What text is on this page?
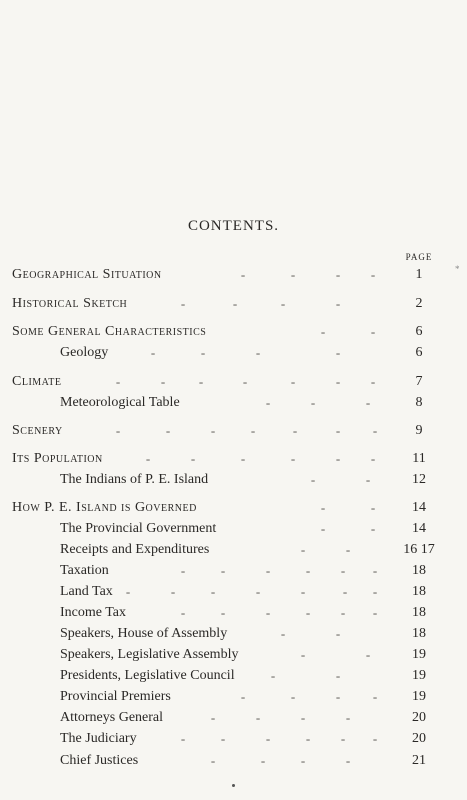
CONTENTS.
PAGE
Geographical Situation	-	-	- -	1
Historical Sketch	-	-	-	-	2
Some General Characteristics	-	-	6
Geology	-	-	-	-	6
Climate	-	-	-	-	-	- -	7
Meteorological Table	-	-	-	8
Scenery	-	-	-	-	-	-	-	9
Its Population	-	-	-	-	- -	11
The Indians of P. E. Island	-	-	12
How P. E. Island is Governed	-	-	14
The Provincial Government	-	-	14
Receipts and Expenditures	-	-	16 17
Taxation	-	-	-	- - -	18
Land Tax -	-	-	-	-	- -	18
Income Tax	-	-	-	- - -	18
Speakers, House of Assembly	-	-	18
Speakers, Legislative Assembly	-	-	19
Presidents, Legislative Council	-	-	19
Provincial Premiers	-	-	-	-	19
Attorneys General	-	-	-	-	20
The Judiciary	-	-	-	- - -	20
Chief Justices	-	-	-	-	21
*
